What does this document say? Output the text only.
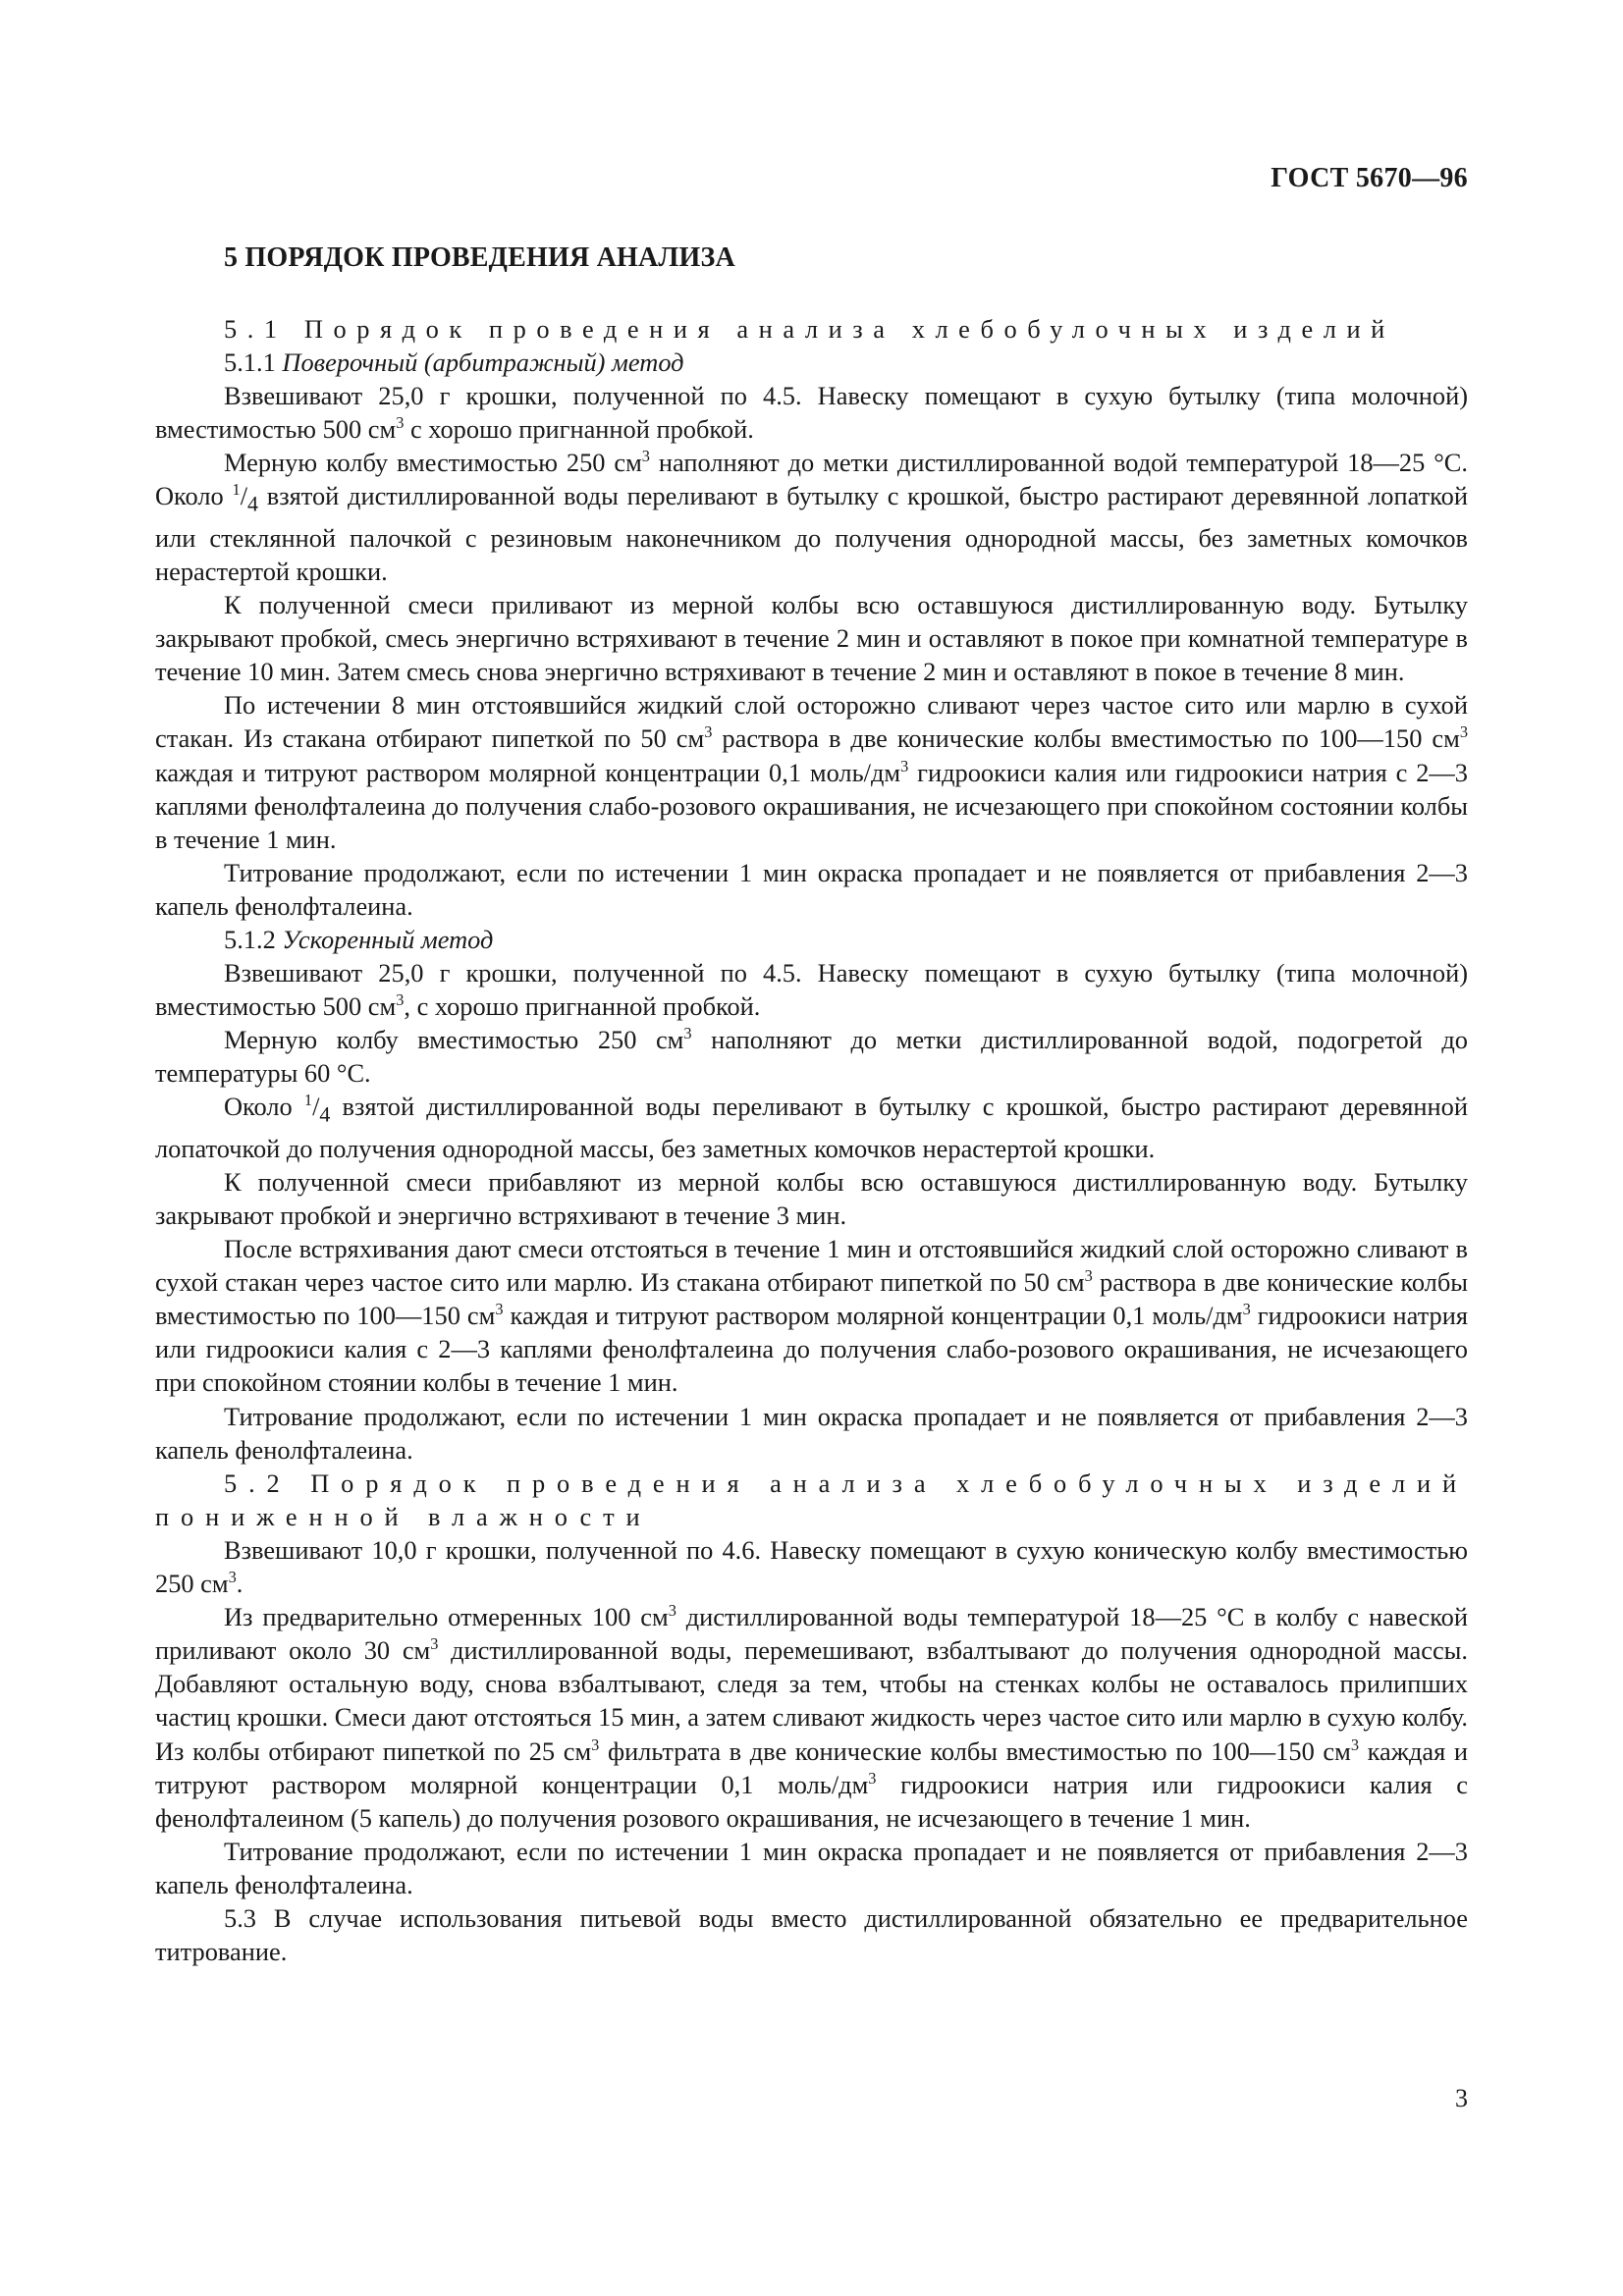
ГОСТ 5670—96
5 ПОРЯДОК ПРОВЕДЕНИЯ АНАЛИЗА

5.1 Порядок проведения анализа хлебобулочных изделий

5.1.1 Поверочный (арбитражный) метод

Взвешивают 25,0 г крошки, полученной по 4.5. Навеску помещают в сухую бутылку (типа молочной) вместимостью 500 $см^3$ с хорошо пригнанной пробкой.

Мерную колбу вместимостью 250 $см^3$ наполняют до метки дистиллированной водой температурой 18—25 °С. Около $^1/_4$ взятой дистиллированной воды переливают в бутылку с крошкой, быстро растирают деревянной лопаткой или стеклянной палочкой с резиновым наконечником до получения однородной массы, без заметных комочков нерастертой крошки.

К полученной смеси приливают из мерной колбы всю оставшуюся дистиллированную воду. Бутылку закрывают пробкой, смесь энергично встряхивают в течение 2 мин и оставляют в покое при комнатной температуре в течение 10 мин. Затем смесь снова энергично встряхивают в течение 2 мин и оставляют в покое в течение 8 мин.

По истечении 8 мин отстоявшийся жидкий слой осторожно сливают через частое сито или марлю в сухой стакан. Из стакана отбирают пипеткой по 50 $см^3$ раствора в две конические колбы вместимостью по 100—150 $см^3$ каждая и титруют раствором молярной концентрации 0,1 моль/$дм^3$ гидроокиси калия или гидроокиси натрия с 2—3 каплями фенолфталеина до получения слабо-розового окрашивания, не исчезающего при спокойном состоянии колбы в течение 1 мин.

Титрование продолжают, если по истечении 1 мин окраска пропадает и не появляется от прибавления 2—3 капель фенолфталеина.

5.1.2 Ускоренный метод

Взвешивают 25,0 г крошки, полученной по 4.5. Навеску помещают в сухую бутылку (типа молочной) вместимостью 500 $см^3$, с хорошо пригнанной пробкой.

Мерную колбу вместимостью 250 $см^3$ наполняют до метки дистиллированной водой, подогретой до температуры 60 °С.

Около $^1/_4$ взятой дистиллированной воды переливают в бутылку с крошкой, быстро растирают деревянной лопаточкой до получения однородной массы, без заметных комочков нерастертой крошки.

К полученной смеси прибавляют из мерной колбы всю оставшуюся дистиллированную воду. Бутылку закрывают пробкой и энергично встряхивают в течение 3 мин.

После встряхивания дают смеси отстояться в течение 1 мин и отстоявшийся жидкий слой осторожно сливают в сухой стакан через частое сито или марлю. Из стакана отбирают пипеткой по 50 $см^3$ раствора в две конические колбы вместимостью по 100—150 $см^3$ каждая и титруют раствором молярной концентрации 0,1 моль/$дм^3$ гидроокиси натрия или гидроокиси калия с 2—3 каплями фенолфталеина до получения слабо-розового окрашивания, не исчезающего при спокойном стоянии колбы в течение 1 мин.

Титрование продолжают, если по истечении 1 мин окраска пропадает и не появляется от прибавления 2—3 капель фенолфталеина.

5.2 Порядок проведения анализа хлебобулочных изделий пониженной влажности

Взвешивают 10,0 г крошки, полученной по 4.6. Навеску помещают в сухую коническую колбу вместимостью 250 $см^3$.

Из предварительно отмеренных 100 $см^3$ дистиллированной воды температурой 18—25 °С в колбу с навеской приливают около 30 $см^3$ дистиллированной воды, перемешивают, взбалтывают до получения однородной массы. Добавляют остальную воду, снова взбалтывают, следя за тем, чтобы на стенках колбы не оставалось прилипших частиц крошки. Смеси дают отстояться 15 мин, а затем сливают жидкость через частое сито или марлю в сухую колбу. Из колбы отбирают пипеткой по 25 $см^3$ фильтрата в две конические колбы вместимостью по 100—150 $см^3$ каждая и титруют раствором молярной концентрации 0,1 моль/$дм^3$ гидроокиси натрия или гидроокиси калия с фенолфталеином (5 капель) до получения розового окрашивания, не исчезающего в течение 1 мин.

Титрование продолжают, если по истечении 1 мин окраска пропадает и не появляется от прибавления 2—3 капель фенолфталеина.

5.3 В случае использования питьевой воды вместо дистиллированной обязательно ее предварительное титрование.

3
